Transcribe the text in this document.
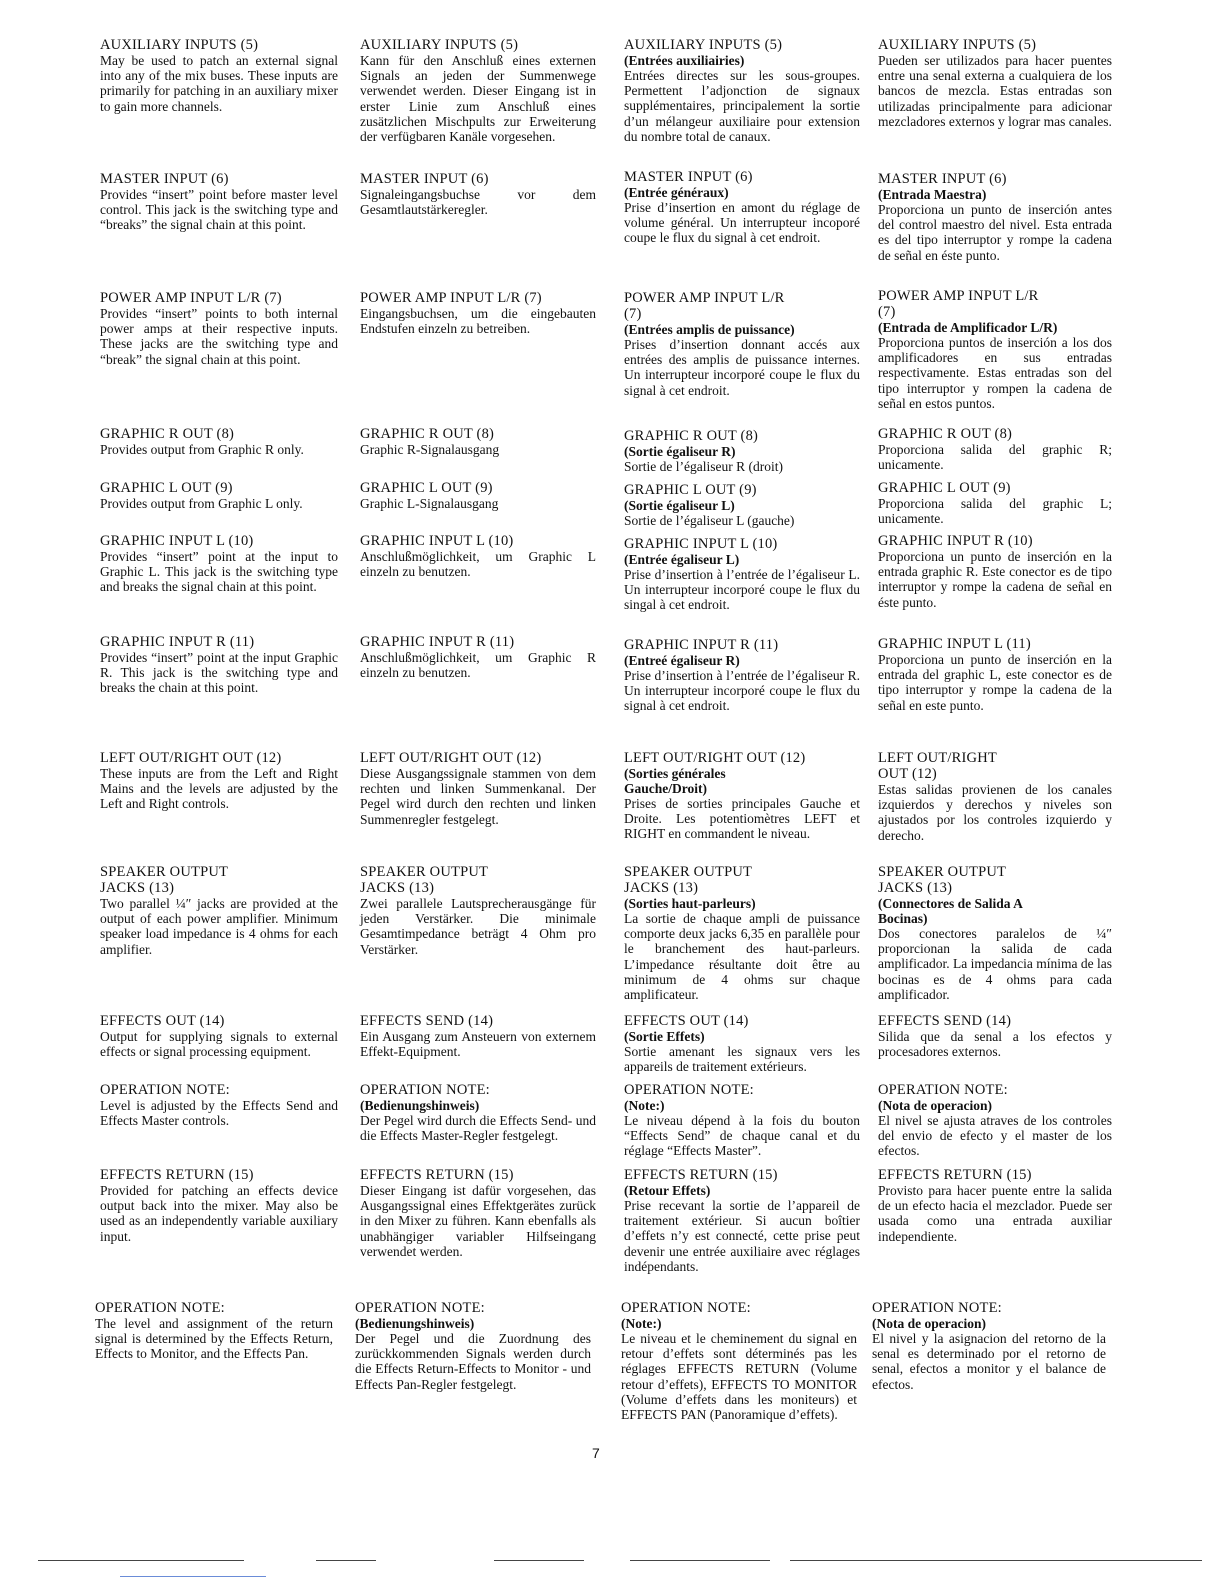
AUXILIARY INPUTS (5)

May be used to patch an external signal into any of the mix buses. These inputs are primarily for patching in an auxiliary mixer to gain more channels.

MASTER INPUT (6)

Provides “insert” point before master level control. This jack is the switching type and “breaks” the signal chain at this point.

POWER AMP INPUT L/R (7)

Provides “insert” points to both internal power amps at their respective inputs. These jacks are the switching type and “break” the signal chain at this point.

GRAPHIC R OUT (8)

Provides output from Graphic R only.

GRAPHIC L OUT (9)

Provides output from Graphic L only.

GRAPHIC INPUT L (10)

Provides “insert” point at the input to Graphic L. This jack is the switching type and breaks the signal chain at this point.

GRAPHIC INPUT R (11)

Provides “insert” point at the input Graphic R. This jack is the switching type and breaks the chain at this point.

LEFT OUT/RIGHT OUT (12)

These inputs are from the Left and Right Mains and the levels are adjusted by the Left and Right controls.

SPEAKER OUTPUT JACKS (13)

Two parallel ¼″ jacks are provided at the output of each power amplifier. Minimum speaker load impedance is 4 ohms for each amplifier.

EFFECTS OUT (14)

Output for supplying signals to external effects or signal processing equipment.

OPERATION NOTE:

Level is adjusted by the Effects Send and Effects Master controls.

EFFECTS RETURN (15)

Provided for patching an effects device output back into the mixer. May also be used as an independently variable auxiliary input.

OPERATION NOTE:

The level and assignment of the return signal is determined by the Effects Return, Effects to Monitor, and the Effects Pan.

AUXILIARY INPUTS (5)

Kann für den Anschluß eines externen Signals an jeden der Summenwege verwendet werden. Dieser Eingang ist in erster Linie zum Anschluß eines zusätzlichen Mischpults zur Erweiterung der verfügbaren Kanäle vorgesehen.

MASTER INPUT (6)

Signaleingangsbuchse vor dem Gesamtlautstärkeregler.

POWER AMP INPUT L/R (7)

Eingangsbuchsen, um die eingebauten Endstufen einzeln zu betreiben.

GRAPHIC R OUT (8)

Graphic R-Signalausgang

GRAPHIC L OUT (9)

Graphic L-Signalausgang

GRAPHIC INPUT L (10)

Anschlußmöglichkeit, um Graphic L einzeln zu benutzen.

GRAPHIC INPUT R (11)

Anschlußmöglichkeit, um Graphic R einzeln zu benutzen.

LEFT OUT/RIGHT OUT (12)

Diese Ausgangssignale stammen von dem rechten und linken Summenkanal. Der Pegel wird durch den rechten und linken Summenregler festgelegt.

SPEAKER OUTPUT JACKS (13)

Zwei parallele Lautsprecherausgänge für jeden Verstärker. Die minimale Gesamtimpedance beträgt 4 Ohm pro Verstärker.

EFFECTS SEND (14)

Ein Ausgang zum Ansteuern von externem Effekt-Equipment.

OPERATION NOTE:

(Bedienungshinweis)

Der Pegel wird durch die Effects Send- und die Effects Master-Regler festgelegt.

EFFECTS RETURN (15)

Dieser Eingang ist dafür vorgesehen, das Ausgangssignal eines Effektgerätes zurück in den Mixer zu führen. Kann ebenfalls als unabhängiger variabler Hilfseingang verwendet werden.

OPERATION NOTE:

(Bedienungshinweis)

Der Pegel und die Zuordnung des zurückkommenden Signals werden durch die Effects Return-Effects to Monitor - und Effects Pan-Regler festgelegt.

AUXILIARY INPUTS (5)

(Entrées auxiliairies)

Entrées directes sur les sous-groupes. Permettent l’adjonction de signaux supplémentaires, principalement la sortie d’un mélangeur auxiliaire pour extension du nombre total de canaux.

MASTER INPUT (6)

(Entrée généraux)

Prise d’insertion en amont du réglage de volume général. Un interrupteur incoporé coupe le flux du signal à cet endroit.

POWER AMP INPUT L/R (7)

(Entrées amplis de puissance)

Prises d’insertion donnant accés aux entrées des amplis de puissance internes. Un interrupteur incorporé coupe le flux du signal à cet endroit.

GRAPHIC R OUT (8)

(Sortie égaliseur R)

Sortie de l’égaliseur R (droit)

GRAPHIC L OUT (9)

(Sortie égaliseur L)

Sortie de l’égaliseur L (gauche)

GRAPHIC INPUT L (10)

(Entrée égaliseur L)

Prise d’insertion à l’entrée de l’égaliseur L. Un interrupteur incorporé coupe le flux du singal à cet endroit.

GRAPHIC INPUT R (11)

(Entreé égaliseur R)

Prise d’insertion à l’entrée de l’égaliseur R. Un interrupteur incorporé coupe le flux du signal à cet endroit.

LEFT OUT/RIGHT OUT (12)

(Sorties générales Gauche/Droit)

Prises de sorties principales Gauche et Droite. Les potentiomètres LEFT et RIGHT en commandent le niveau.

SPEAKER OUTPUT JACKS (13)

(Sorties haut-parleurs)

La sortie de chaque ampli de puissance comporte deux jacks 6,35 en parallèle pour le branchement des haut-parleurs. L’impedance résultante doit être au minimum de 4 ohms sur chaque amplificateur.

EFFECTS OUT (14)

(Sortie Effets)

Sortie amenant les signaux vers les appareils de traitement extérieurs.

OPERATION NOTE:

(Note:)

Le niveau dépend à la fois du bouton “Effects Send” de chaque canal et du réglage “Effects Master”.

EFFECTS RETURN (15)

(Retour Effets)

Prise recevant la sortie de l’appareil de traitement extérieur. Si aucun boîtier d’effets n’y est connecté, cette prise peut devenir une entrée auxiliaire avec réglages indépendants.

OPERATION NOTE:

(Note:)

Le niveau et le cheminement du signal en retour d’effets sont déterminés pas les réglages EFFECTS RETURN (Volume retour d’effets), EFFECTS TO MONITOR (Volume d’effets dans les moniteurs) et EFFECTS PAN (Panoramique d’effets).

AUXILIARY INPUTS (5)

Pueden ser utilizados para hacer puentes entre una senal externa a cualquiera de los bancos de mezcla. Estas entradas son utilizadas principalmente para adicionar mezcladores externos y lograr mas canales.

MASTER INPUT (6)

(Entrada Maestra)

Proporciona un punto de inserción antes del control maestro del nivel. Esta entrada es del tipo interruptor y rompe la cadena de señal en éste punto.

POWER AMP INPUT L/R (7)

(Entrada de Amplificador L/R)

Proporciona puntos de inserción a los dos amplificadores en sus entradas respectivamente. Estas entradas son del tipo interruptor y rompen la cadena de señal en estos puntos.

GRAPHIC R OUT (8)

Proporciona salida del graphic R; unicamente.

GRAPHIC L OUT (9)

Proporciona salida del graphic L; unicamente.

GRAPHIC INPUT R (10)

Proporciona un punto de inserción en la entrada graphic R. Este conector es de tipo interruptor y rompe la cadena de señal en éste punto.

GRAPHIC INPUT L (11)

Proporciona un punto de inserción en la entrada del graphic L, este conector es de tipo interruptor y rompe la cadena de la señal en este punto.

LEFT OUT/RIGHT OUT (12)

Estas salidas provienen de los canales izquierdos y derechos y niveles son ajustados por los controles izquierdo y derecho.

SPEAKER OUTPUT JACKS (13)

(Connectores de Salida A Bocinas)

Dos conectores paralelos de ¼″ proporcionan la salida de cada amplificador. La impedancia mínima de las bocinas es de 4 ohms para cada amplificador.

EFFECTS SEND (14)

Silida que da senal a los efectos y procesadores externos.

OPERATION NOTE:

(Nota de operacion)

El nivel se ajusta atraves de los controles del envio de efecto y el master de los efectos.

EFFECTS RETURN (15)

Provisto para hacer puente entre la salida de un efecto hacia el mezclador. Puede ser usada como una entrada auxiliar independiente.

OPERATION NOTE:

(Nota de operacion)

El nivel y la asignacion del retorno de la senal es determinado por el retorno de senal, efectos a monitor y el balance de efectos.

7
